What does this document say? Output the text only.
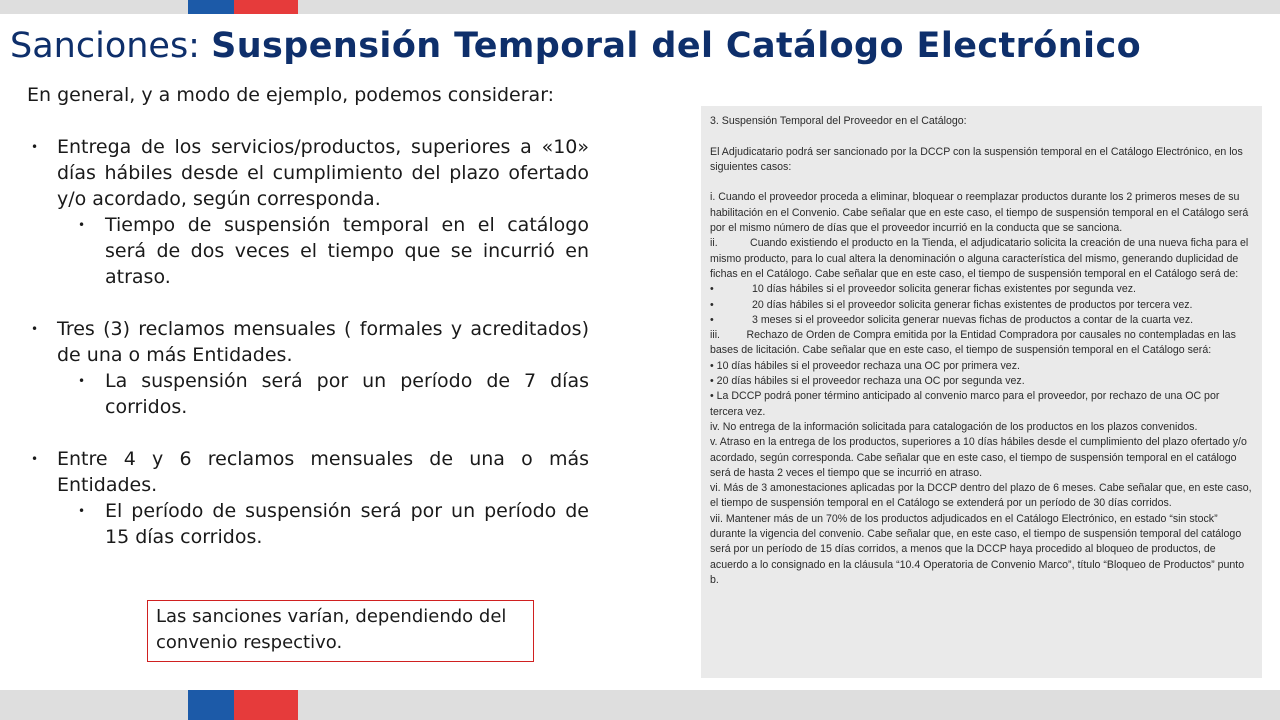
Sanciones: Suspensión Temporal del Catálogo Electrónico

En general, y a modo de ejemplo, podemos considerar:

• Entrega de los servicios/productos, superiores a «10» días hábiles desde el cumplimiento del plazo ofertado y/o acordado, según corresponda.

• Tiempo de suspensión temporal en el catálogo será de dos veces el tiempo que se incurrió en atraso.

• Tres (3) reclamos mensuales ( formales y acreditados) de una o más Entidades.

• La suspensión será por un período de 7 días corridos.

• Entre 4 y 6 reclamos mensuales de una o más Entidades.

• El período de suspensión será por un período de 15 días corridos.

Las sanciones varían, dependiendo del convenio respectivo.
3. Suspensión Temporal del Proveedor en el Catálogo:
El Adjudicatario podrá ser sancionado por la DCCP con la suspensión temporal en el Catálogo Electrónico, en los siguientes casos:
i. Cuando el proveedor proceda a eliminar, bloquear o reemplazar productos durante los 2 primeros meses de su habilitación en el Convenio. Cabe señalar que en este caso, el tiempo de suspensión temporal en el Catálogo será por el mismo número de días que el proveedor incurrió en la conducta que se sanciona.
ii.	Cuando existiendo el producto en la Tienda, el adjudicatario solicita la creación de una nueva ficha para el mismo producto, para lo cual altera la denominación o alguna característica del mismo, generando duplicidad de fichas en el Catálogo. Cabe señalar que en este caso, el tiempo de suspensión temporal en el Catálogo será de:
•	10 días hábiles si el proveedor solicita generar fichas existentes por segunda vez.
•	20 días hábiles si el proveedor solicita generar fichas existentes de productos por tercera vez.
•	3 meses si el proveedor solicita generar nuevas fichas de productos a contar de la cuarta vez.
iii.	Rechazo de Orden de Compra emitida por la Entidad Compradora por causales no contempladas en las bases de licitación. Cabe señalar que en este caso, el tiempo de suspensión temporal en el Catálogo será:
• 10 días hábiles si el proveedor rechaza una OC por primera vez.
• 20 días hábiles si el proveedor rechaza una OC por segunda vez.
• La DCCP podrá poner término anticipado al convenio marco para el proveedor, por rechazo de una OC por tercera vez.
iv. No entrega de la información solicitada para catalogación de los productos en los plazos convenidos.
v. Atraso en la entrega de los productos, superiores a 10 días hábiles desde el cumplimiento del plazo ofertado y/o acordado, según corresponda. Cabe señalar que en este caso, el tiempo de suspensión temporal en el catálogo será de hasta 2 veces el tiempo que se incurrió en atraso.
vi. Más de 3 amonestaciones aplicadas por la DCCP dentro del plazo de 6 meses. Cabe señalar que, en este caso, el tiempo de suspensión temporal en el Catálogo se extenderá por un período de 30 días corridos.
vii. Mantener más de un 70% de los productos adjudicados en el Catálogo Electrónico, en estado “sin stock” durante la vigencia del convenio. Cabe señalar que, en este caso, el tiempo de suspensión temporal del catálogo será por un período de 15 días corridos, a menos que la DCCP haya procedido al bloqueo de productos, de acuerdo a lo consignado en la cláusula “10.4 Operatoria de Convenio Marco”, título “Bloqueo de Productos” punto b.
